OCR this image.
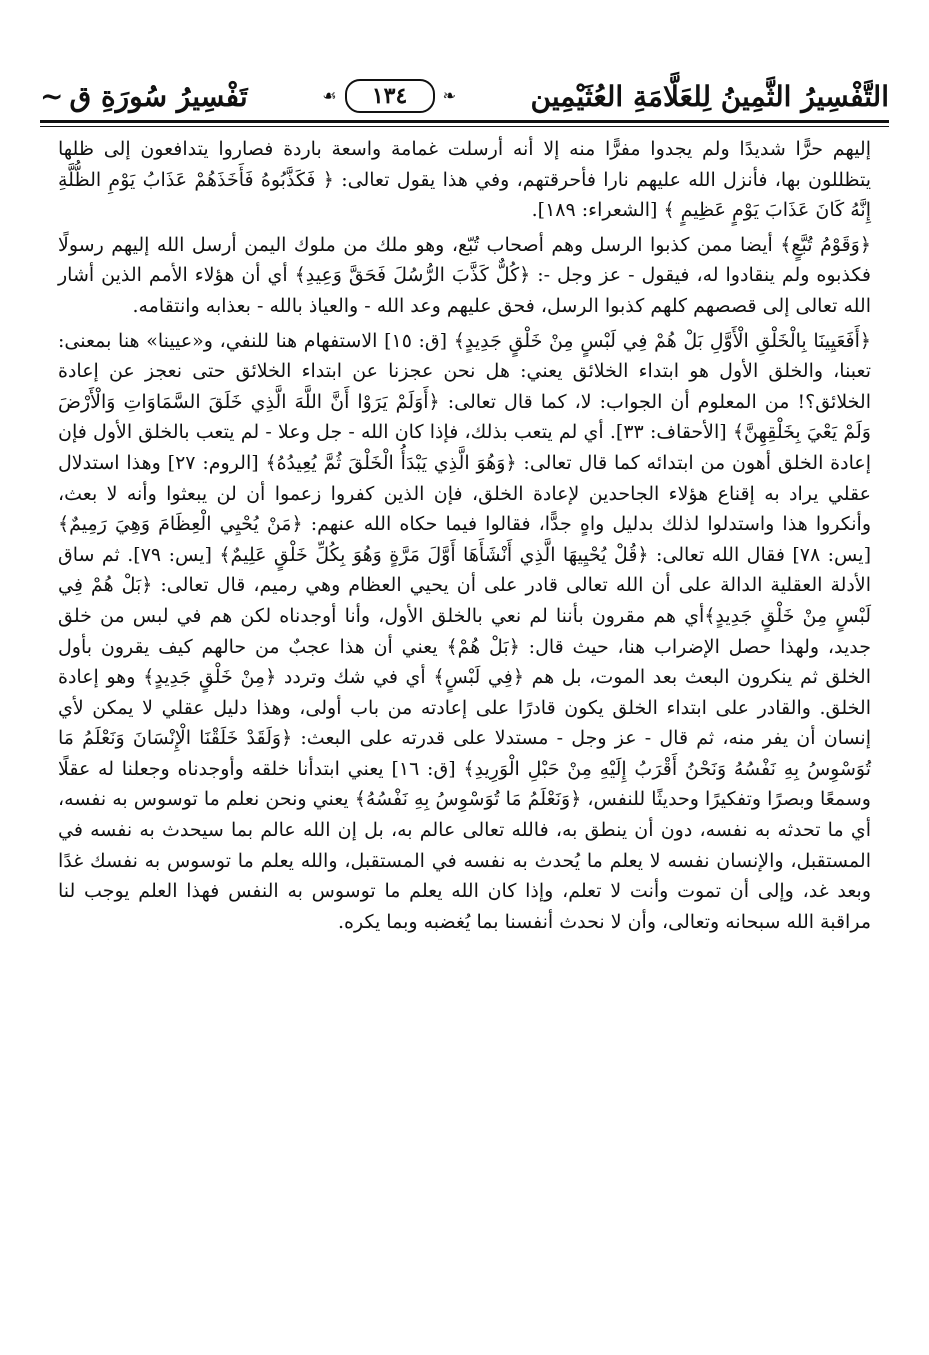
التَّفْسِيرُ الثَّمِينُ لِلعَلَّامَةِ العُثَيْمِين
❧
١٣٤
☙
تَفْسِيرُ سُورَةِ ق
~

إليهم حرًّا شديدًا ولم يجدوا مفرًّا منه إلا أنه أرسلت غمامة واسعة باردة فصاروا يتدافعون إلى ظلها يتظللون بها، فأنزل الله عليهم نارا فأحرقتهم، وفي هذا يقول تعالى: ﴿ فَكَذَّبُوهُ فَأَخَذَهُمْ عَذَابُ يَوْمِ الظُّلَّةِ إِنَّهُ كَانَ عَذَابَ يَوْمٍ عَظِيمٍ ﴾ [الشعراء: ١٨٩].

﴿وَقَوْمُ تُبَّعٍ﴾ أيضا ممن كذبوا الرسل وهم أصحاب تُبّع، وهو ملك من ملوك اليمن أرسل الله إليهم رسولًا فكذبوه ولم ينقادوا له، فيقول - عز وجل -: ﴿كُلٌّ كَذَّبَ الرُّسُلَ فَحَقَّ وَعِيدِ﴾ أي أن هؤلاء الأمم الذين أشار الله تعالى إلى قصصهم كلهم كذبوا الرسل، فحق عليهم وعد الله - والعياذ بالله - بعذابه وانتقامه.

﴿أَفَعَيِينَا بِالْخَلْقِ الْأَوَّلِ بَلْ هُمْ فِي لَبْسٍ مِنْ خَلْقٍ جَدِيدٍ﴾ [ق: ١٥] الاستفهام هنا للنفي، و«عيينا» هنا بمعنى: تعبنا، والخلق الأول هو ابتداء الخلائق يعني: هل نحن عجزنا عن ابتداء الخلائق حتى نعجز عن إعادة الخلائق؟! من المعلوم أن الجواب: لا، كما قال تعالى: ﴿أَوَلَمْ يَرَوْا أَنَّ اللَّهَ الَّذِي خَلَقَ السَّمَاوَاتِ وَالْأَرْضَ وَلَمْ يَعْيَ بِخَلْقِهِنَّ﴾ [الأحقاف: ٣٣]. أي لم يتعب بذلك، فإذا كان الله - جل وعلا - لم يتعب بالخلق الأول فإن إعادة الخلق أهون من ابتدائه كما قال تعالى: ﴿وَهُوَ الَّذِي يَبْدَأُ الْخَلْقَ ثُمَّ يُعِيدُهُ﴾ [الروم: ٢٧] وهذا استدلال عقلي يراد به إقناع هؤلاء الجاحدين لإعادة الخلق، فإن الذين كفروا زعموا أن لن يبعثوا وأنه لا بعث، وأنكروا هذا واستدلوا لذلك بدليل واهٍ جدًّا، فقالوا فيما حكاه الله عنهم: ﴿مَنْ يُحْيِي الْعِظَامَ وَهِيَ رَمِيمٌ﴾ [يس: ٧٨] فقال الله تعالى: ﴿قُلْ يُحْيِيهَا الَّذِي أَنْشَأَهَا أَوَّلَ مَرَّةٍ وَهُوَ بِكُلِّ خَلْقٍ عَلِيمٌ﴾ [يس: ٧٩]. ثم ساق الأدلة العقلية الدالة على أن الله تعالى قادر على أن يحيي العظام وهي رميم، قال تعالى: ﴿بَلْ هُمْ فِي لَبْسٍ مِنْ خَلْقٍ جَدِيدٍ﴾أي هم مقرون بأننا لم نعي بالخلق الأول، وأنا أوجدناه لكن هم في لبس من خلق جديد، ولهذا حصل الإضراب هنا، حيث قال: ﴿بَلْ هُمْ﴾ يعني أن هذا عجبٌ من حالهم كيف يقرون بأول الخلق ثم ينكرون البعث بعد الموت، بل هم ﴿فِي لَبْسٍ﴾ أي في شك وتردد ﴿مِنْ خَلْقٍ جَدِيدٍ﴾ وهو إعادة الخلق. والقادر على ابتداء الخلق يكون قادرًا على إعادته من باب أولى، وهذا دليل عقلي لا يمكن لأي إنسان أن يفر منه، ثم قال - عز وجل - مستدلا على قدرته على البعث: ﴿وَلَقَدْ خَلَقْنَا الْإِنْسَانَ وَنَعْلَمُ مَا تُوَسْوِسُ بِهِ نَفْسُهُ وَنَحْنُ أَقْرَبُ إِلَيْهِ مِنْ حَبْلِ الْوَرِيدِ﴾ [ق: ١٦] يعني ابتدأنا خلقه وأوجدناه وجعلنا له عقلًا وسمعًا وبصرًا وتفكيرًا وحديثًا للنفس، ﴿وَنَعْلَمُ مَا تُوَسْوِسُ بِهِ نَفْسُهُ﴾ يعني ونحن نعلم ما توسوس به نفسه، أي ما تحدثه به نفسه، دون أن ينطق به، فالله تعالى عالم به، بل إن الله عالم بما سيحدث به نفسه في المستقبل، والإنسان نفسه لا يعلم ما يُحدث به نفسه في المستقبل، والله يعلم ما توسوس به نفسك غدًا وبعد غد، وإلى أن تموت وأنت لا تعلم، وإذا كان الله يعلم ما توسوس به النفس فهذا العلم يوجب لنا مراقبة الله سبحانه وتعالى، وأن لا نحدث أنفسنا بما يُغضبه وبما يكره.
